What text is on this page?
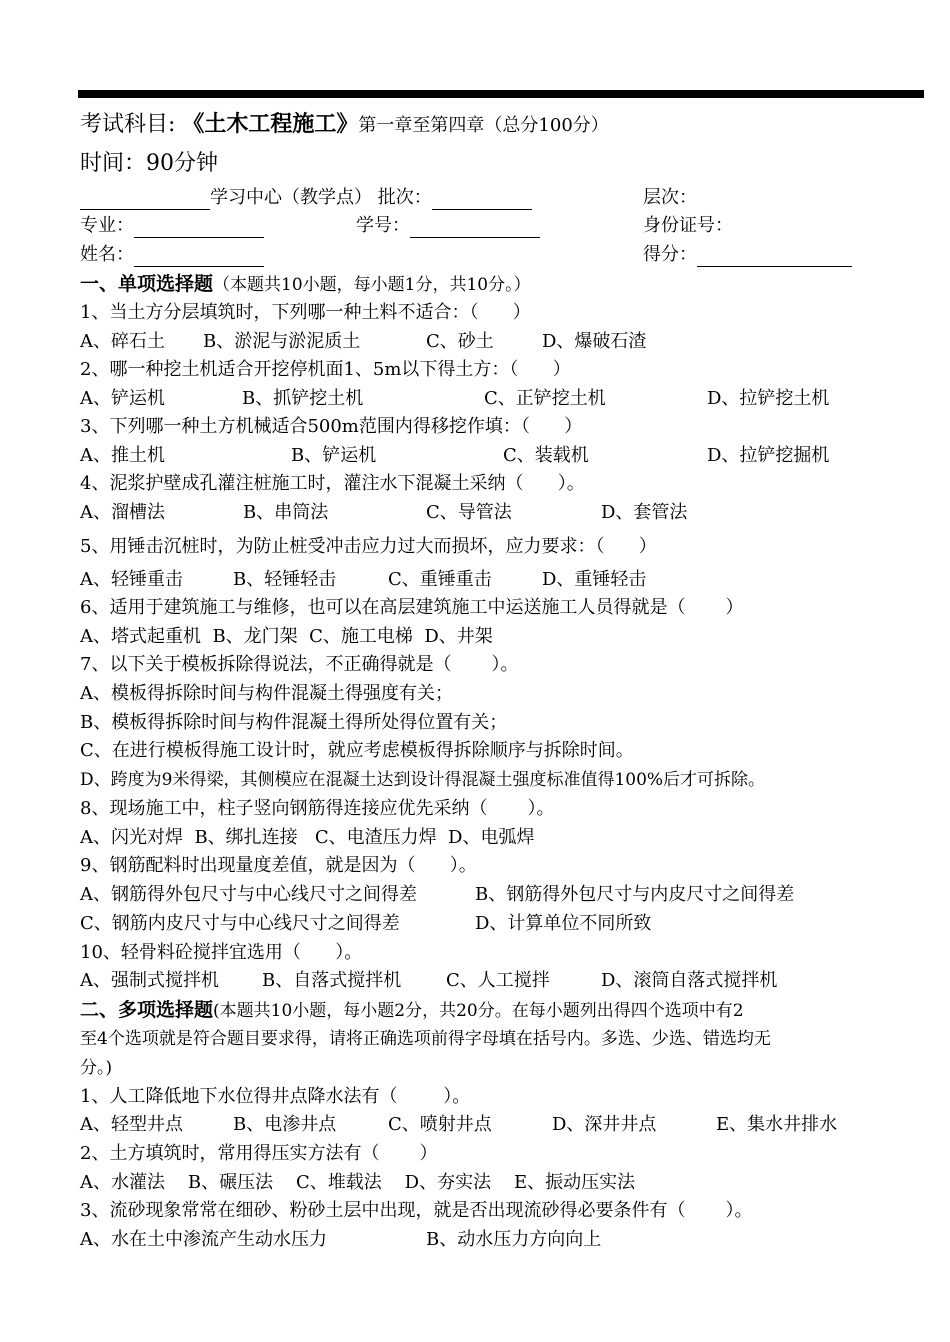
考试科目: 《土木工程施工》第一章至第四章（总分100分）
时间：90分钟
学习中心（教学点） 批次：	层次：
专业：	学号：	身份证号：
姓名：	得分：
一、单项选择题（本题共10小题，每小题1分，共10分。）
1、当土方分层填筑时，下列哪一种土料不适合：（      ）
A、碎石土 B、淤泥与淤泥质土	C、砂土	D、爆破石渣
2、哪一种挖土机适合开挖停机面1、5m以下得土方：（      ）
A、铲运机	B、抓铲挖土机	C、正铲挖土机	D、拉铲挖土机
3、下列哪一种土方机械适合500m范围内得移挖作填：（      ）
A、推土机	B、铲运机	C、装载机	D、拉铲挖掘机
4、泥浆护壁成孔灌注桩施工时，灌注水下混凝土采纳（      ）。
A、溜槽法	B、串筒法	C、导管法	D、套管法
5、用锤击沉桩时，为防止桩受冲击应力过大而损坏，应力要求：（      ）
A、轻锤重击	B、轻锤轻击	C、重锤重击	D、重锤轻击
6、适用于建筑施工与维修，也可以在高层建筑施工中运送施工人员得就是（       ）
A、塔式起重机  B、龙门架  C、施工电梯  D、井架
7、以下关于模板拆除得说法，不正确得就是（       ）。
A、模板得拆除时间与构件混凝土得强度有关；
B、模板得拆除时间与构件混凝土得所处得位置有关；
C、在进行模板得施工设计时，就应考虑模板得拆除顺序与拆除时间。
D、跨度为9米得梁，其侧模应在混凝土达到设计得混凝土强度标准值得100%后才可拆除。
8、现场施工中，柱子竖向钢筋得连接应优先采纳（       ）。
A、闪光对焊  B、绑扎连接   C、电渣压力焊  D、电弧焊
9、钢筋配料时出现量度差值，就是因为（      ）。
A、钢筋得外包尺寸与中心线尺寸之间得差	B、钢筋得外包尺寸与内皮尺寸之间得差
C、钢筋内皮尺寸与中心线尺寸之间得差	D、计算单位不同所致
10、轻骨料砼搅拌宜选用（      ）。
A、强制式搅拌机 B、自落式搅拌机 C、人工搅拌	D、滚筒自落式搅拌机
二、多项选择题(本题共10小题，每小题2分，共20分。在每小题列出得四个选项中有2
至4个选项就是符合题目要求得，请将正确选项前得字母填在括号内。多选、少选、错选均无
分。)
1、人工降低地下水位得井点降水法有（        ）。
A、轻型井点	B、电渗井点	C、喷射井点	D、深井井点	E、集水井排水
2、土方填筑时，常用得压实方法有（       ）
A、水灌法    B、碾压法    C、堆载法    D、夯实法    E、振动压实法
3、流砂现象常常在细砂、粉砂土层中出现，就是否出现流砂得必要条件有（       ）。
A、水在土中渗流产生动水压力	B、动水压力方向向上
